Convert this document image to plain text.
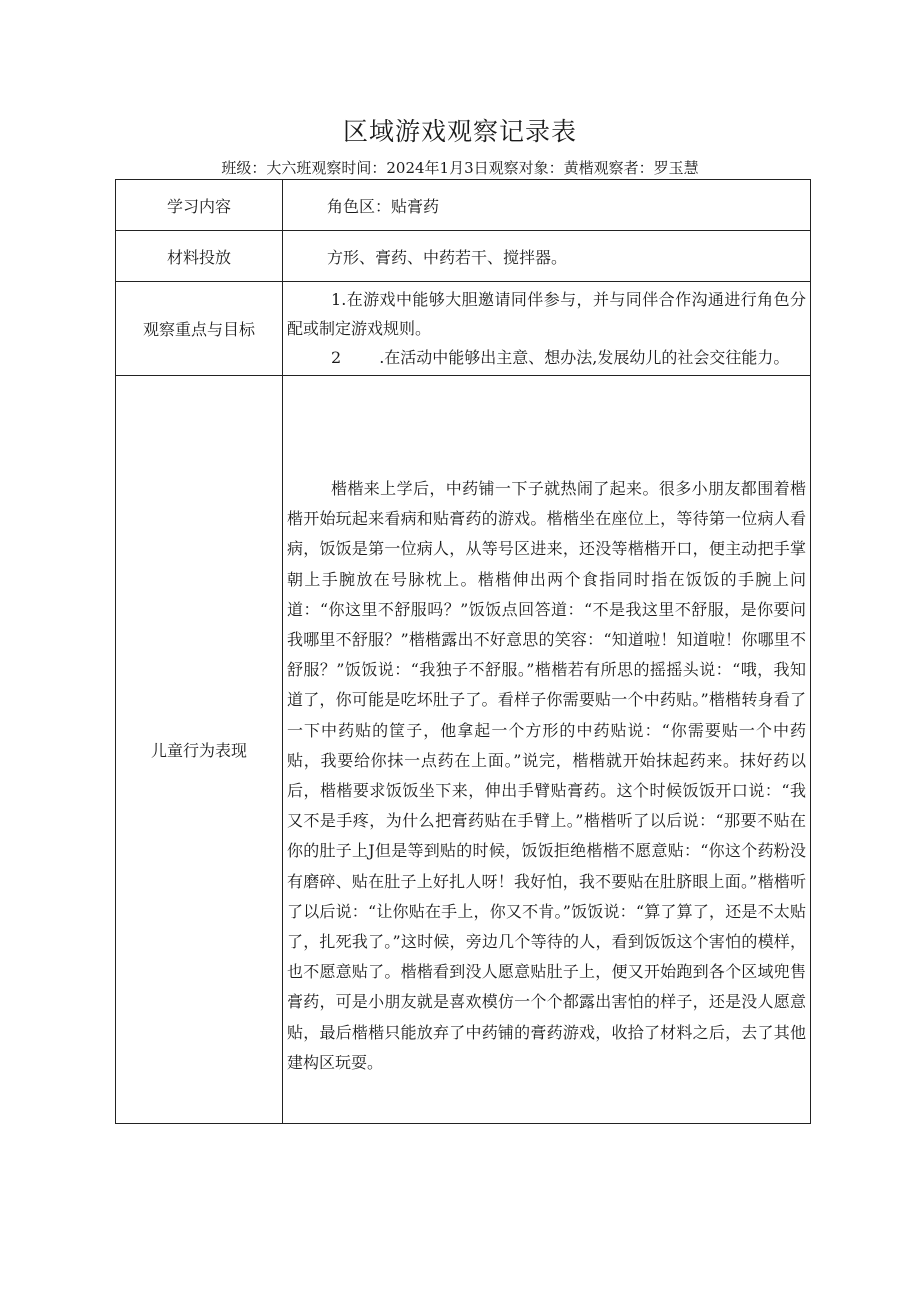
区域游戏观察记录表
班级：大六班观察时间：2024年1月3日观察对象：黄楷观察者：罗玉慧
学习内容	角色区：贴膏药
材料投放	方形、膏药、中药若干、搅拌器。
观察重点与目标	1.在游戏中能够大胆邀请同伴参与，并与同伴合作沟通进行角色分配或制定游戏规则。
2 .在活动中能够出主意、想办法,发展幼儿的社会交往能力。

儿童行为表现	楷楷来上学后，中药铺一下子就热闹了起来。很多小朋友都围着楷楷开始玩起来看病和贴膏药的游戏。楷楷坐在座位上，等待第一位病人看病，饭饭是第一位病人，从等号区进来，还没等楷楷开口，便主动把手掌朝上手腕放在号脉枕上。楷楷伸出两个食指同时指在饭饭的手腕上问道：“你这里不舒服吗？”饭饭点回答道：“不是我这里不舒服，是你要问我哪里不舒服？”楷楷露出不好意思的笑容：“知道啦！知道啦！你哪里不舒服？”饭饭说：“我独子不舒服。”楷楷若有所思的摇摇头说：“哦，我知道了，你可能是吃坏肚子了。看样子你需要贴一个中药贴。”楷楷转身看了一下中药贴的筐子，他拿起一个方形的中药贴说：“你需要贴一个中药贴，我要给你抹一点药在上面。”说完，楷楷就开始抹起药来。抹好药以后，楷楷要求饭饭坐下来，伸出手臂贴膏药。这个时候饭饭开口说：“我又不是手疼，为什么把膏药贴在手臂上。”楷楷听了以后说：“那要不贴在你的肚子上J但是等到贴的时候，饭饭拒绝楷楷不愿意贴：“你这个药粉没有磨碎、贴在肚子上好扎人呀！我好怕，我不要贴在肚脐眼上面。”楷楷听了以后说：“让你贴在手上，你又不肯。”饭饭说：“算了算了，还是不太贴了，扎死我了。”这时候，旁边几个等待的人，看到饭饭这个害怕的模样，也不愿意贴了。楷楷看到没人愿意贴肚子上，便又开始跑到各个区域兜售膏药，可是小朋友就是喜欢模仿一个个都露出害怕的样子，还是没人愿意贴，最后楷楷只能放弃了中药铺的膏药游戏，收拾了材料之后，去了其他建构区玩耍。
